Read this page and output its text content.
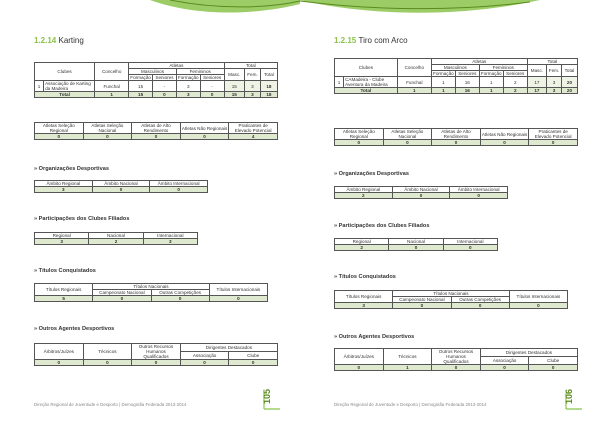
1.2.14 Karting
Clubes		Concelho	Atletas				Total		
			Masculinos		Femininos		Masc.	Fem.	Total
			Formação	Seniores	Formação	Seniores			
1	Associação de Karting da Madeira	Funchal	15	-	3	-	15	3	18
Total		1	15	0	3	0	15	3	18
Atletas Seleção Regional	Atletas Seleção Nacional	Atletas de Alto Rendimento	Atletas Não Regionais	Praticantes de Elevado Potencial
0	0	0	0	4
» Organizações Desportivas
Âmbito Regional	Âmbito Nacional	Âmbito Internacional
3	0	0
» Participações dos Clubes Filiados
Regional	Nacional	Internacional
3	2	3
» Títulos Conquistados
Títulos Regionais	Títulos Nacionais		Títulos Internacionais
	Campeonato Nacional	Outras Competições	
5	0	0	0
» Outros Agentes Desportivos
Árbitros/Juízes	Técnicos	Outros Recursos Humanos Qualificados	Dirigentes Destacados	
			Associação	Clube
0	0	0	0	0
Direção Regional de Juventude e Desporto | Demografia Federada 2013-2014
105
1.2.15 Tiro com Arco
Clubes		Concelho	Atletas				Total		
			Masculinos		Femininos		Masc.	Fem.	Total
			Formação	Seniores	Formação	Seniores			
1	CAMadeira - Clube Aventura da Madeira	Funchal	1	16	1	2	17	3	20
Total		1	1	16	1	2	17	3	20
Atletas Seleção Regional	Atletas Seleção Nacional	Atletas de Alto Rendimento	Atletas Não Regionais	Praticantes de Elevado Potencial
0	0	0	0	0
» Organizações Desportivas
Âmbito Regional	Âmbito Nacional	Âmbito Internacional
2	0	0
» Participações dos Clubes Filiados
Regional	Nacional	Internacional
2	0	0
» Títulos Conquistados
Títulos Regionais	Títulos Nacionais		Títulos Internacionais
	Campeonato Nacional	Outras Competições	
3	0	0	0
» Outros Agentes Desportivos
Árbitros/Juízes	Técnicos	Outros Recursos Humanos Qualificados	Dirigentes Destacados	
			Associação	Clube
0	1	0	0	0
Direção Regional de Juventude e Desporto | Demografia Federada 2013-2014
106
